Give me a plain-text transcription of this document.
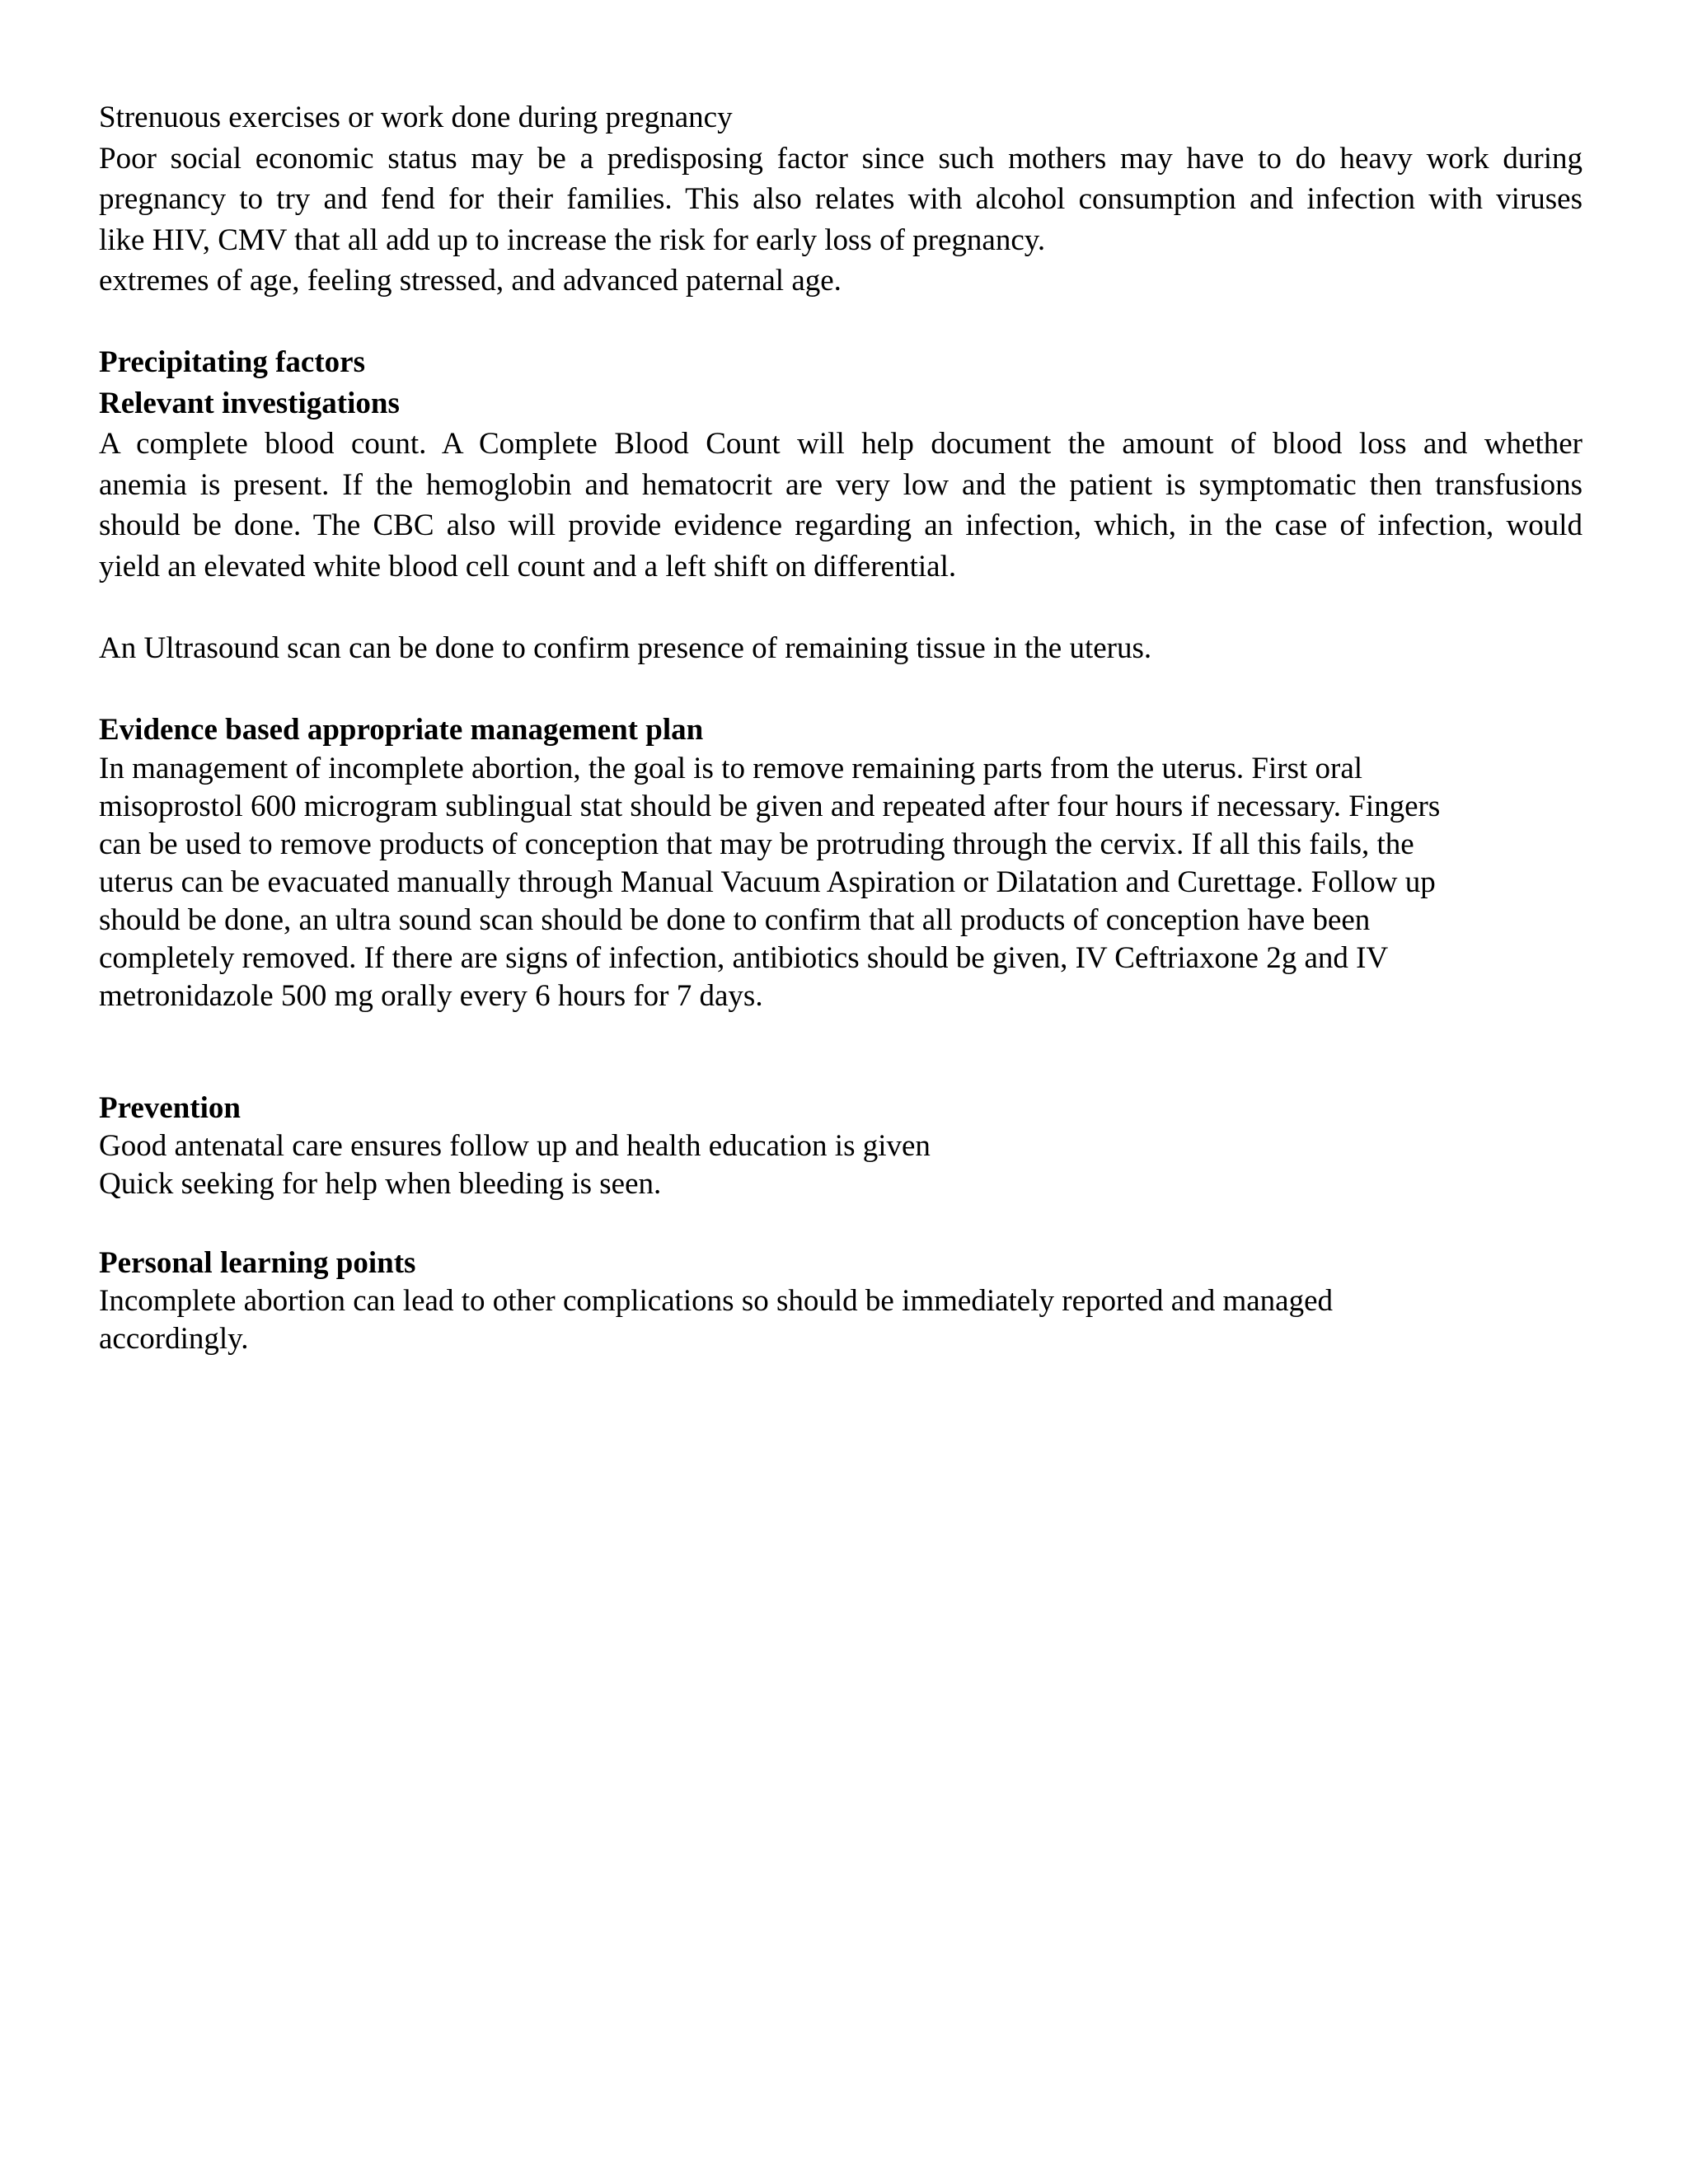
Strenuous exercises or work done during pregnancy
Poor social economic status may be a predisposing factor since such mothers may have to do heavy work during
pregnancy to try and fend for their families. This also relates with alcohol consumption and infection with viruses
like HIV, CMV that all add up to increase the risk for early loss of pregnancy.
extremes of age, feeling stressed, and advanced paternal age.
Precipitating factors
Relevant investigations
A complete blood count. A Complete Blood Count will help document the amount of blood loss and whether
anemia is present. If the hemoglobin and hematocrit are very low and the patient is symptomatic then transfusions
should be done. The CBC also will provide evidence regarding an infection, which, in the case of infection, would
yield an elevated white blood cell count and a left shift on differential.
An Ultrasound scan can be done to confirm presence of remaining tissue in the uterus.
Evidence based appropriate management plan
In management of incomplete abortion, the goal is to remove remaining parts from the uterus. First oral
misoprostol 600 microgram sublingual stat should be given and repeated after four hours if necessary. Fingers
can be used to remove products of conception that may be protruding through the cervix. If all this fails, the
uterus can be evacuated manually through Manual Vacuum Aspiration or Dilatation and Curettage. Follow up
should be done, an ultra sound scan should be done to confirm that all products of conception have been
completely removed. If there are signs of infection, antibiotics should be given, IV Ceftriaxone 2g and IV
metronidazole 500 mg orally every 6 hours for 7 days.
Prevention
Good antenatal care ensures follow up and health education is given
Quick seeking for help when bleeding is seen.
Personal learning points
Incomplete abortion can lead to other complications so should be immediately reported and managed
accordingly.
